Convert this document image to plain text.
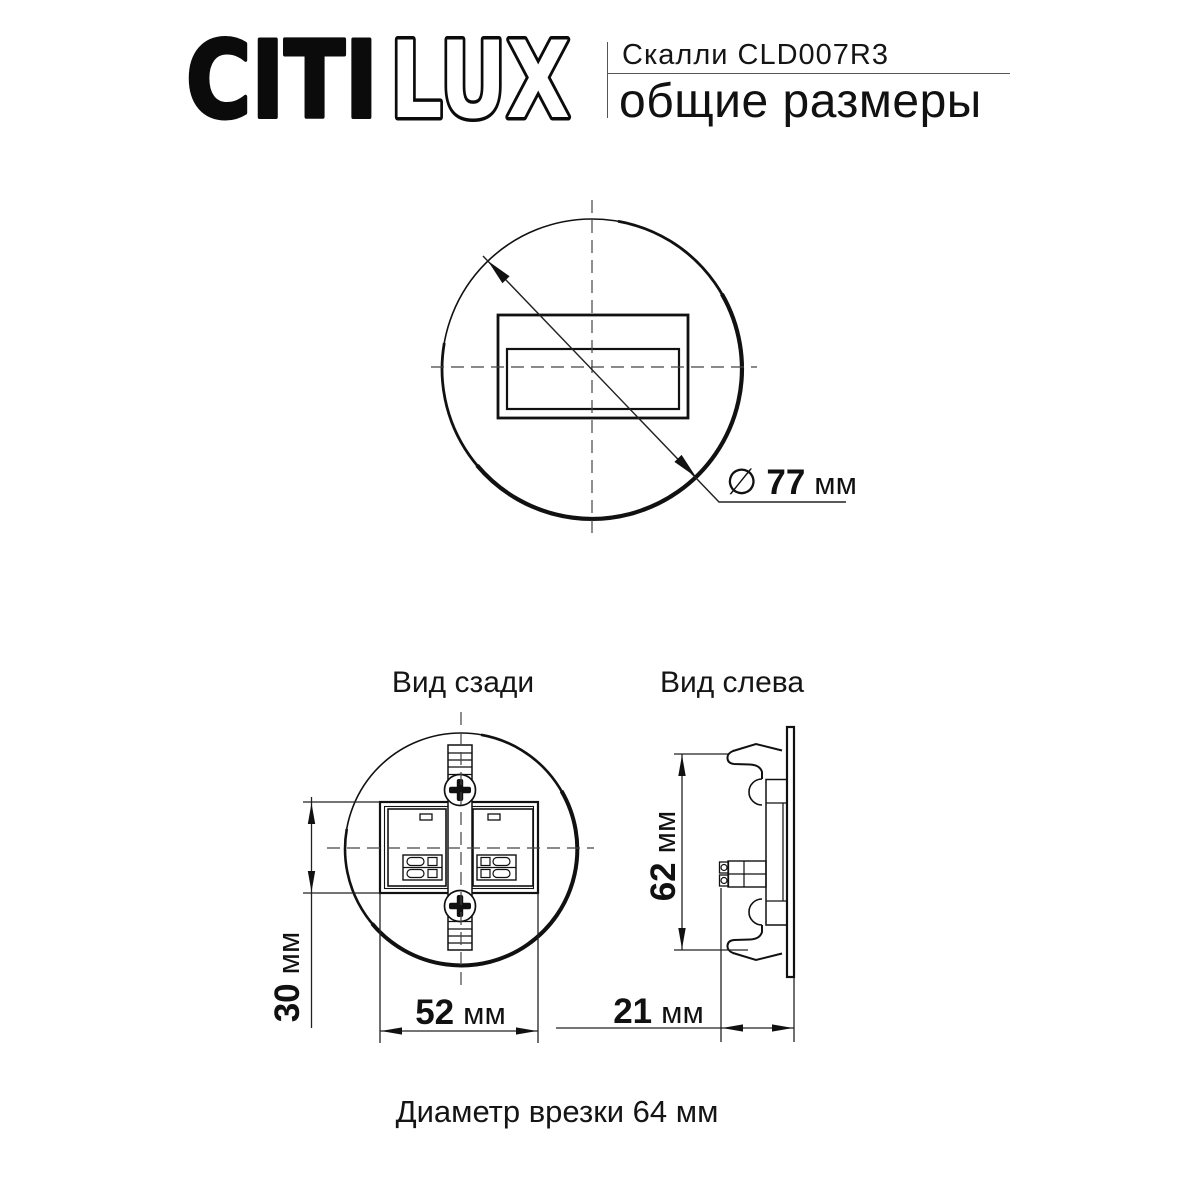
CITI LUX Скалли CLD007R3
общие размеры
Вид сзади	Вид слева
∅ 77 мм
30
мм
52 мм
62
мм
21 мм
Диаметр врезки 64 мм
